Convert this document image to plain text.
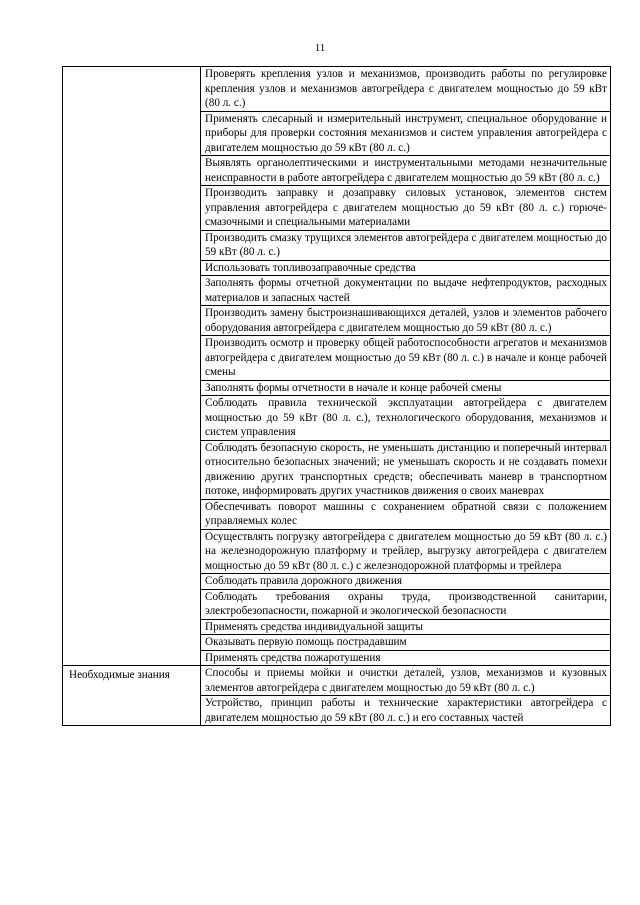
11
	Проверять крепления узлов и механизмов, производить работы по регулировке крепления узлов и механизмов автогрейдера с двигателем мощностью до 59 кВт (80 л. с.)
	Применять слесарный и измерительный инструмент, специальное оборудование и приборы для проверки состояния механизмов и систем управления автогрейдера с двигателем мощностью до 59 кВт (80 л. с.)
	Выявлять органолептическими и инструментальными методами незначительные неисправности в работе автогрейдера с двигателем мощностью до 59 кВт (80 л. с.)
	Производить заправку и дозаправку силовых установок, элементов систем управления автогрейдера с двигателем мощностью до 59 кВт (80 л. с.) горюче-смазочными и специальными материалами
	Производить смазку трущихся элементов автогрейдера с двигателем мощностью до 59 кВт (80 л. с.)
	Использовать топливозаправочные средства
	Заполнять формы отчетной документации по выдаче нефтепродуктов, расходных материалов и запасных частей
	Производить замену быстроизнашивающихся деталей, узлов и элементов рабочего оборудования автогрейдера с двигателем мощностью до 59 кВт (80 л. с.)
	Производить осмотр и проверку общей работоспособности агрегатов и механизмов автогрейдера с двигателем мощностью до 59 кВт (80 л. с.) в начале и конце рабочей смены
	Заполнять формы отчетности в начале и конце рабочей смены
	Соблюдать правила технической эксплуатации автогрейдера с двигателем мощностью до 59 кВт (80 л. с.), технологического оборудования, механизмов и систем управления
	Соблюдать безопасную скорость, не уменьшать дистанцию и поперечный интервал относительно безопасных значений; не уменьшать скорость и не создавать помехи движению других транспортных средств; обеспечивать маневр в транспортном потоке, информировать других участников движения о своих маневрах
	Обеспечивать поворот машины с сохранением обратной связи с положением управляемых колес
	Осуществлять погрузку автогрейдера с двигателем мощностью до 59 кВт (80 л. с.) на железнодорожную платформу и трейлер, выгрузку автогрейдера с двигателем мощностью до 59 кВт (80 л. с.) с железнодорожной платформы и трейлера
	Соблюдать правила дорожного движения
	Соблюдать требования охраны труда, производственной санитарии, электробезопасности, пожарной и экологической безопасности
	Применять средства индивидуальной защиты
	Оказывать первую помощь пострадавшим
	Применять средства пожаротушения
Необходимые знания	Способы и приемы мойки и очистки деталей, узлов, механизмов и кузовных элементов автогрейдера с двигателем мощностью до 59 кВт (80 л. с.)
	Устройство, принцип работы и технические характеристики автогрейдера с двигателем мощностью до 59 кВт (80 л. с.) и его составных частей
